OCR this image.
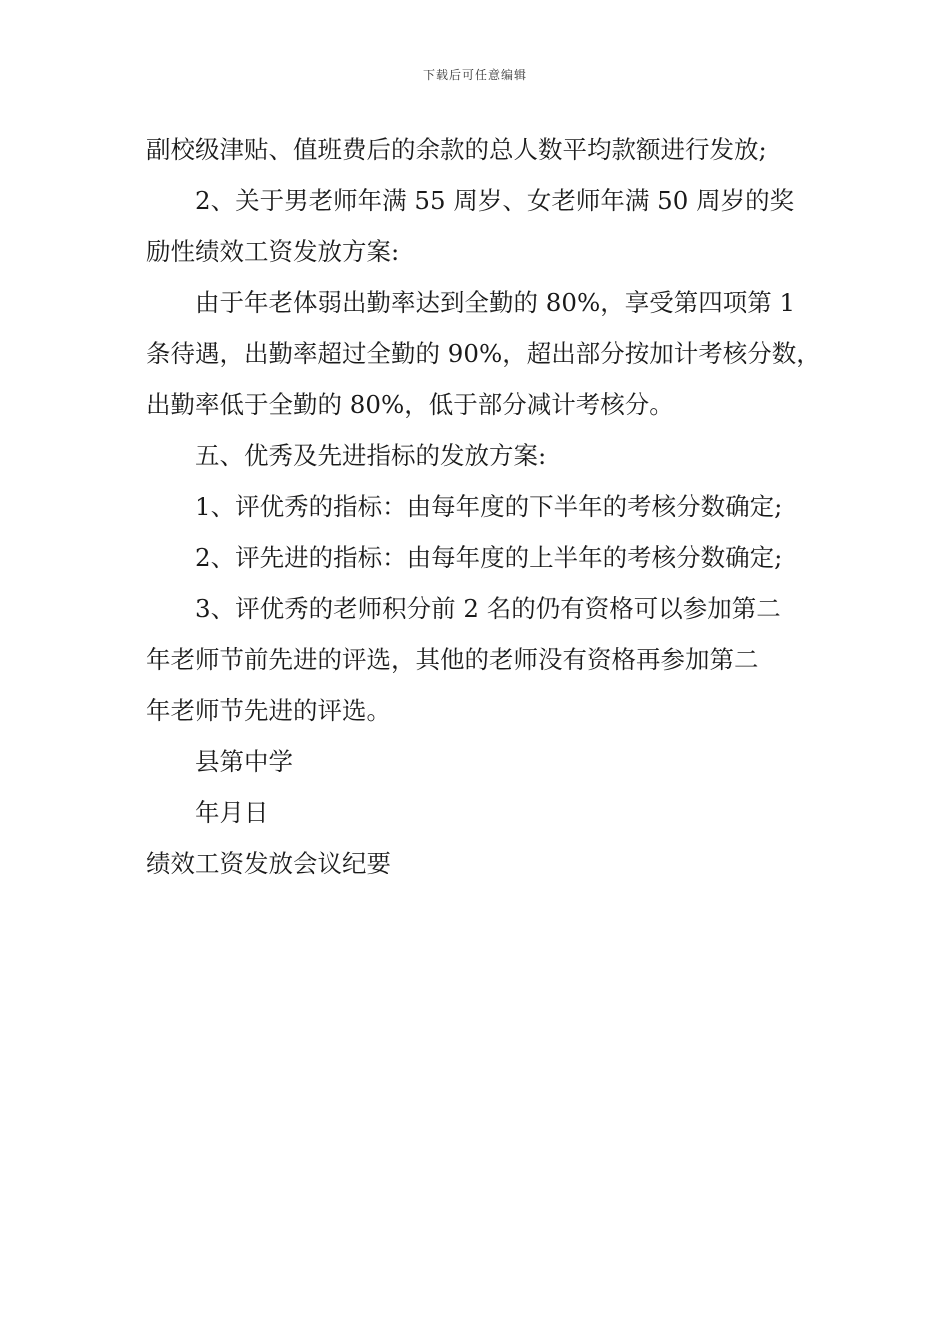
下载后可任意编辑
副校级津贴、值班费后的余款的总人数平均款额进行发放;
2、关于男老师年满 55 周岁、女老师年满 50 周岁的奖
励性绩效工资发放方案:
由于年老体弱出勤率达到全勤的 80%，享受第四项第 1
条待遇，出勤率超过全勤的 90%，超出部分按加计考核分数，
出勤率低于全勤的 80%，低于部分减计考核分。
五、优秀及先进指标的发放方案:
1、评优秀的指标：由每年度的下半年的考核分数确定;
2、评先进的指标：由每年度的上半年的考核分数确定;
3、评优秀的老师积分前 2 名的仍有资格可以参加第二
年老师节前先进的评选，其他的老师没有资格再参加第二
年老师节先进的评选。
县第中学
年月日
绩效工资发放会议纪要
